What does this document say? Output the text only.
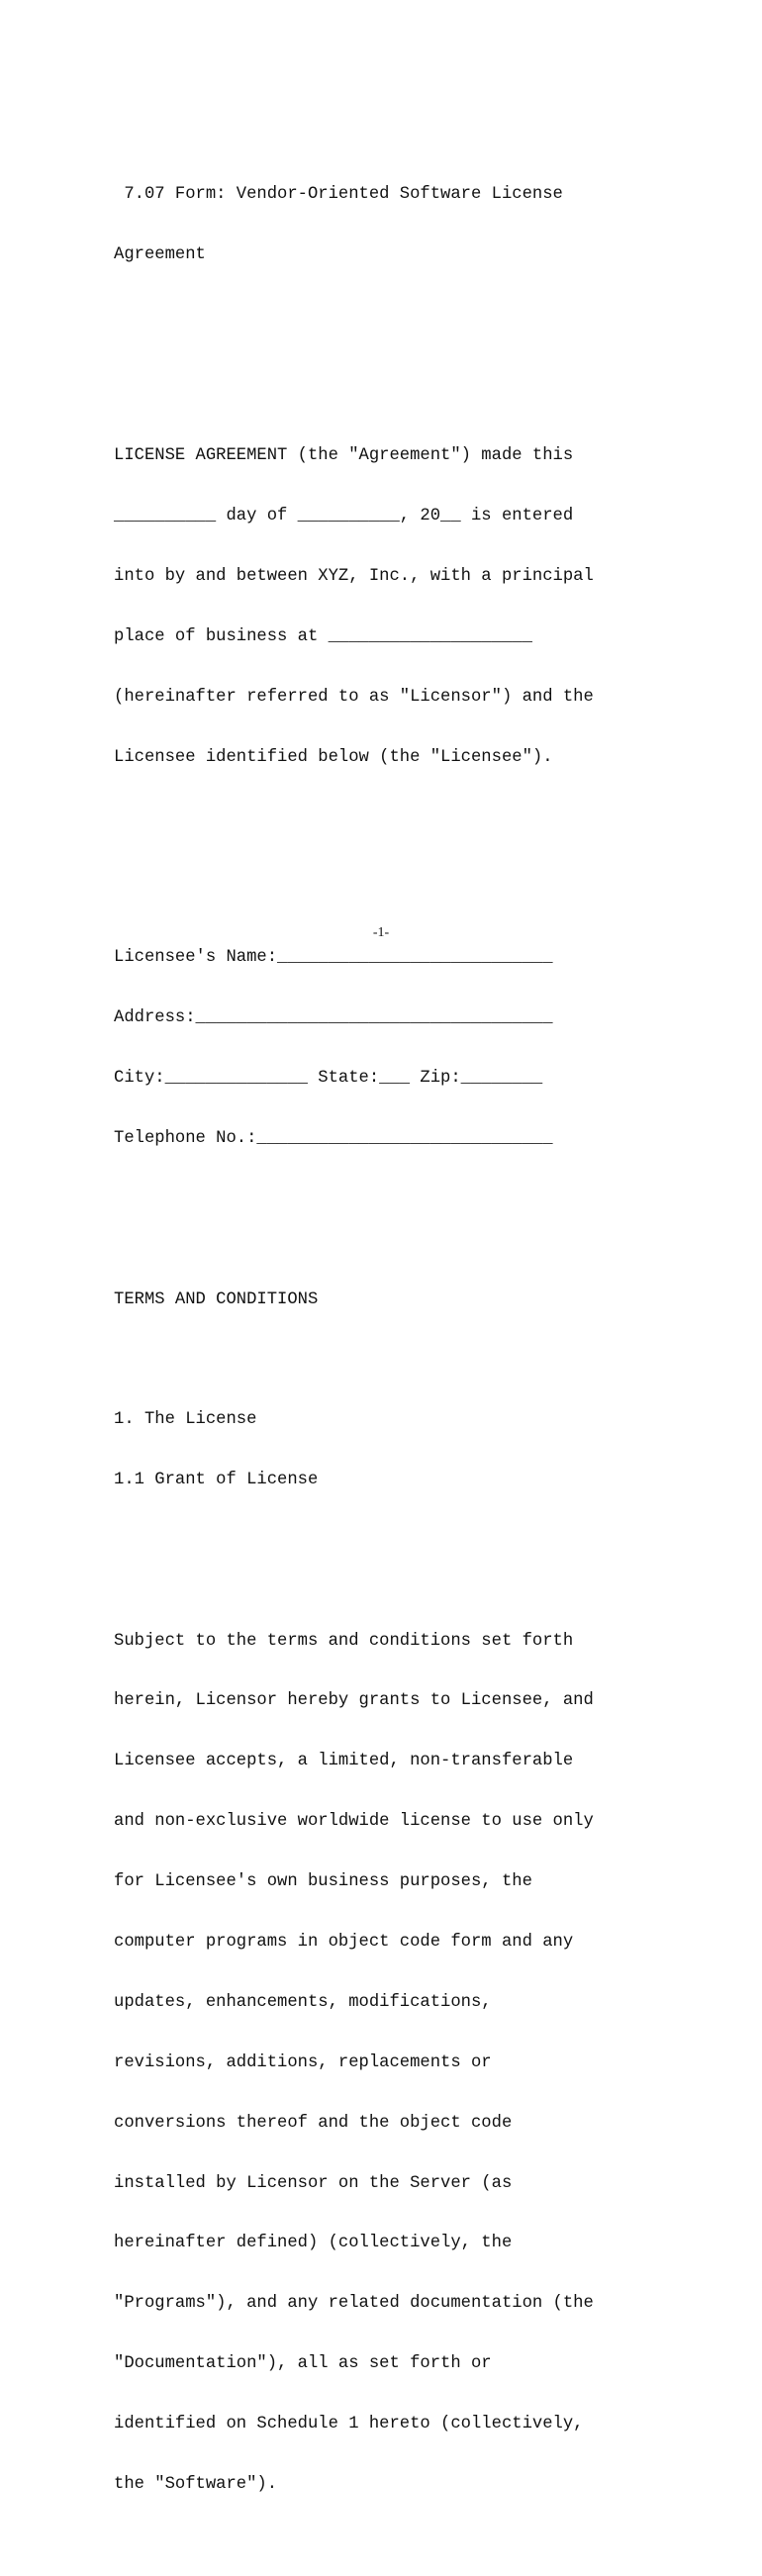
7.07 Form: Vendor-Oriented Software License

Agreement

LICENSE AGREEMENT (the "Agreement") made this

__________ day of __________, 20__ is entered

into by and between XYZ, Inc., with a principal

place of business at ____________________

(hereinafter referred to as "Licensor") and the

Licensee identified below (the "Licensee").

Licensee's Name:___________________________

Address:___________________________________

City:______________ State:___ Zip:________

Telephone No.:_____________________________

TERMS AND CONDITIONS

1. The License

1.1 Grant of License

Subject to the terms and conditions set forth

herein, Licensor hereby grants to Licensee, and

Licensee accepts, a limited, non-transferable

and non-exclusive worldwide license to use only

for Licensee's own business purposes, the

computer programs in object code form and any

updates, enhancements, modifications,

revisions, additions, replacements or

conversions thereof and the object code

installed by Licensor on the Server (as

hereinafter defined) (collectively, the

"Programs"), and any related documentation (the

"Documentation"), all as set forth or

identified on Schedule 1 hereto (collectively,

the "Software").

-1-
